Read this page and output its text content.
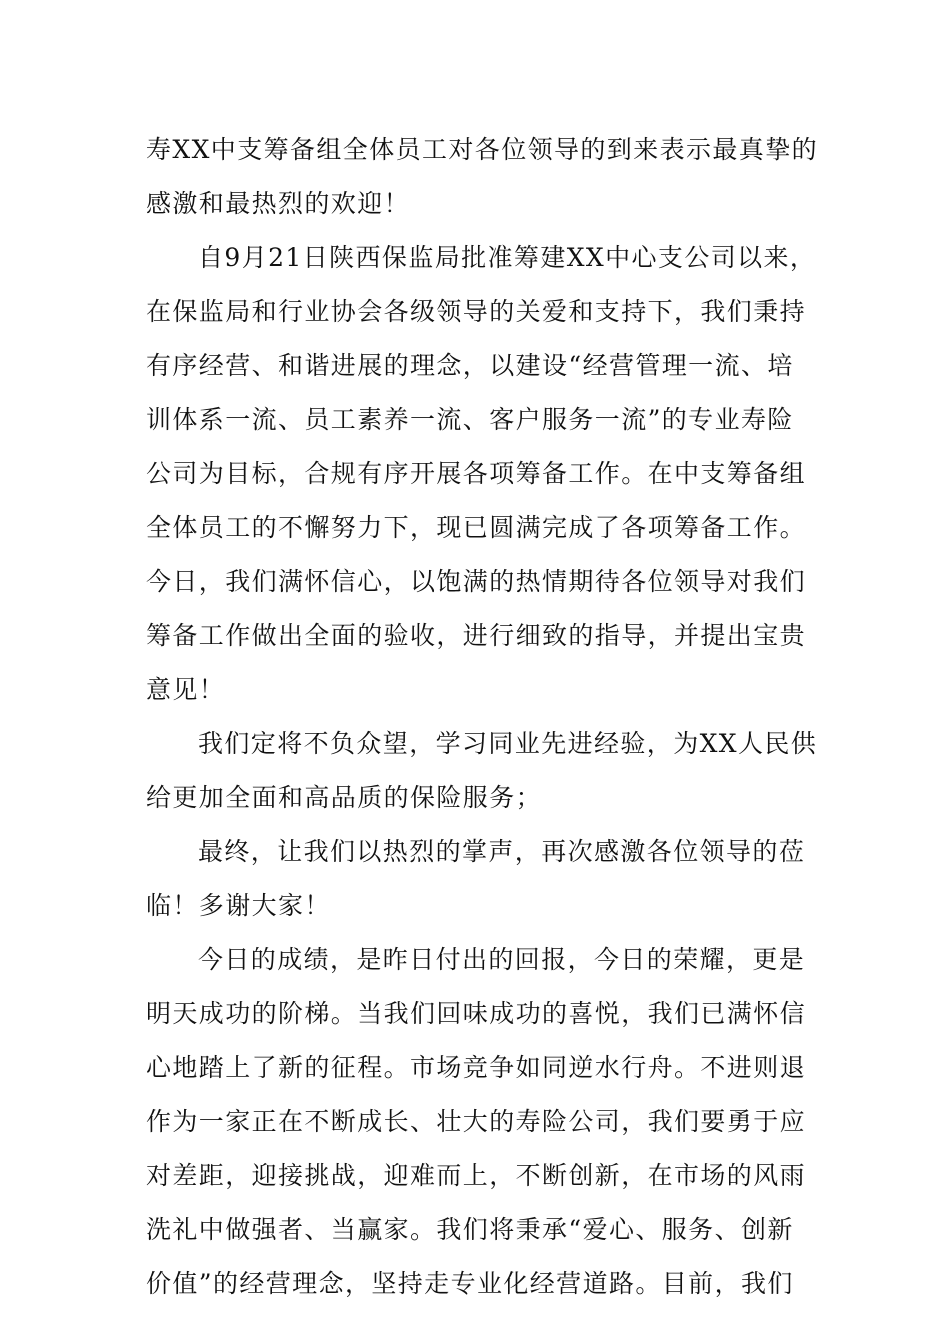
寿XX中支筹备组全体员工对各位领导的到来表示最真挚的
感激和最热烈的欢迎！
自9月21日陕西保监局批准筹建XX中心支公司以来，
在保监局和行业协会各级领导的关爱和支持下，我们秉持
有序经营、和谐进展的理念，以建设“经营管理一流、培
训体系一流、员工素养一流、客户服务一流”的专业寿险
公司为目标，合规有序开展各项筹备工作。在中支筹备组
全体员工的不懈努力下，现已圆满完成了各项筹备工作。
今日，我们满怀信心，以饱满的热情期待各位领导对我们
筹备工作做出全面的验收，进行细致的指导，并提出宝贵
意见！
我们定将不负众望，学习同业先进经验，为XX人民供
给更加全面和高品质的保险服务；
最终，让我们以热烈的掌声，再次感激各位领导的莅
临！多谢大家！
今日的成绩，是昨日付出的回报，今日的荣耀，更是
明天成功的阶梯。当我们回味成功的喜悦，我们已满怀信
心地踏上了新的征程。市场竞争如同逆水行舟。不进则退
作为一家正在不断成长、壮大的寿险公司，我们要勇于应
对差距，迎接挑战，迎难而上，不断创新，在市场的风雨
洗礼中做强者、当赢家。我们将秉承“爱心、服务、创新
价值”的经营理念，坚持走专业化经营道路。目前，我们
